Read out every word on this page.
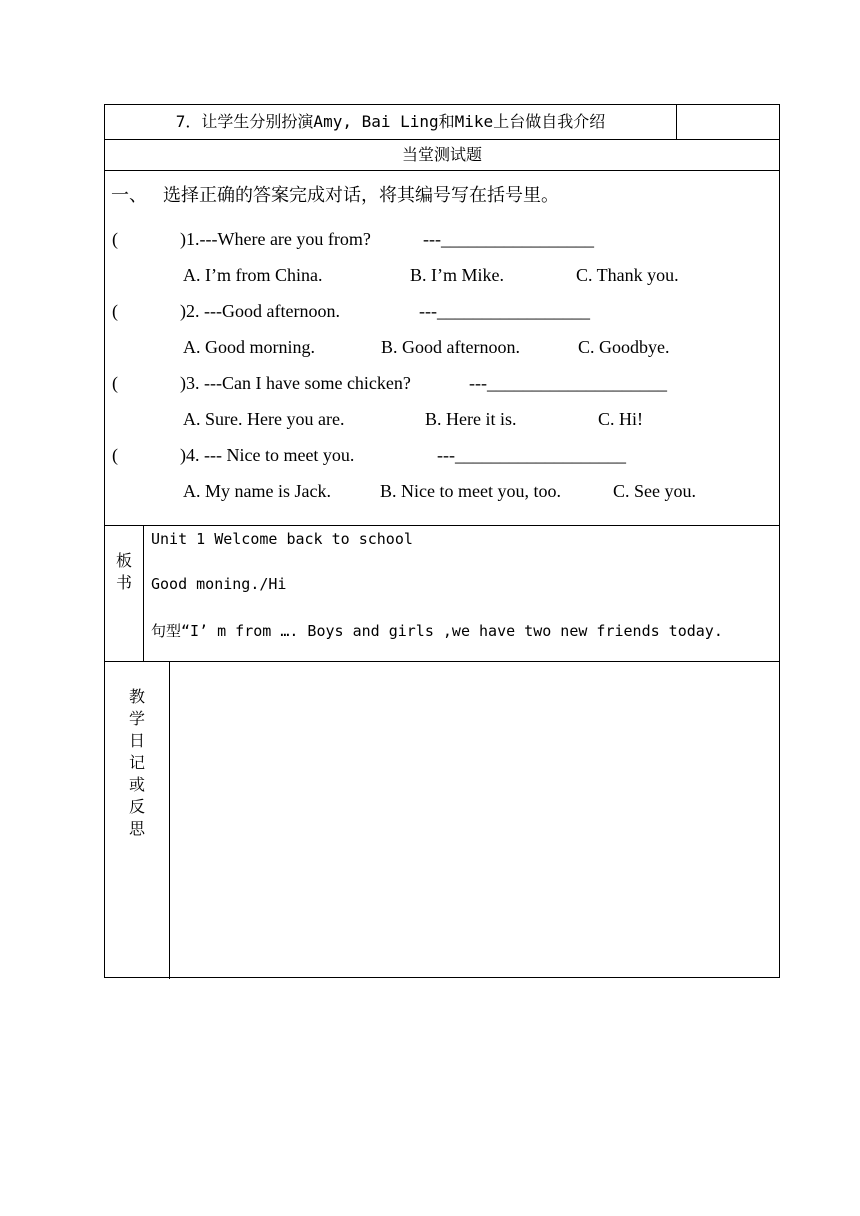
7．让学生分别扮演Amy, Bai Ling和Mike上台做自我介绍
当堂测试题
一、 选择正确的答案完成对话，将其编号写在括号里。
(	)1.---Where are you from?	---_________________
A. I’m from China.	B. I’m Mike.	C. Thank you.
(	)2. ---Good afternoon.	---_________________
A. Good morning.	B. Good afternoon.	C. Goodbye.
(	)3. ---Can I have some chicken?	---____________________
A. Sure. Here you are.	B. Here it is.	C. Hi!
(	)4. --- Nice to meet you.	---___________________
A. My name is Jack.	B. Nice to meet you, too.	C. See you.
板
书
Unit 1 Welcome back to school
Good moning./Hi
句型“I’ m from …. Boys and girls ,we have two new friends today.
教
学
日
记
或
反
思
